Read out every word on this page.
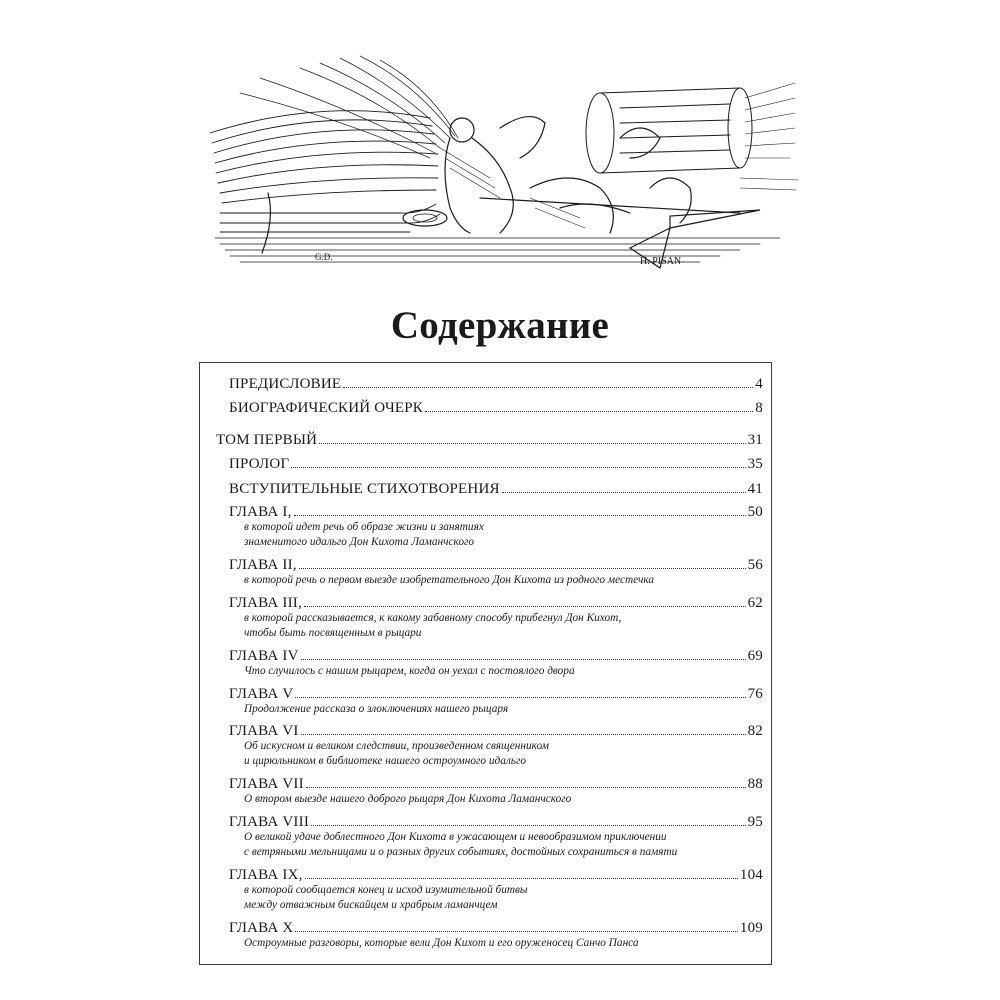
G.D.	H. PISAN
Содержание
ПРЕДИСЛОВИЕ	4
БИОГРАФИЧЕСКИЙ ОЧЕРК	8
ТОМ ПЕРВЫЙ	31
ПРОЛОГ	35
ВСТУПИТЕЛЬНЫЕ СТИХОТВОРЕНИЯ	41
ГЛАВА I,	50
в которой идет речь об образе жизни и занятиях
знаменитого идальго Дон Кихота Ламанчского
ГЛАВА II,	56
в которой речь о первом выезде изобретательного Дон Кихота из родного местечка
ГЛАВА III,	62
в которой рассказывается, к какому забавному способу прибегнул Дон Кихот,
чтобы быть посвященным в рыцари
ГЛАВА IV	69
Что случилось с нашим рыцарем, когда он уехал с постоялого двора
ГЛАВА V	76
Продолжение рассказа о злоключениях нашего рыцаря
ГЛАВА VI	82
Об искусном и великом следствии, произведенном священником
и цирюльником в библиотеке нашего остроумного идальго
ГЛАВА VII	88
О втором выезде нашего доброго рыцаря Дон Кихота Ламанчского
ГЛАВА VIII	95
О великой удаче доблестного Дон Кихота в ужасающем и невообразимом приключении
с ветряными мельницами и о разных других событиях, достойных сохраниться в памяти
ГЛАВА IX,	104
в которой сообщается конец и исход изумительной битвы
между отважным бискайцем и храбрым ламанчцем
ГЛАВА X	109
Остроумные разговоры, которые вели Дон Кихот и его оруженосец Санчо Панса
